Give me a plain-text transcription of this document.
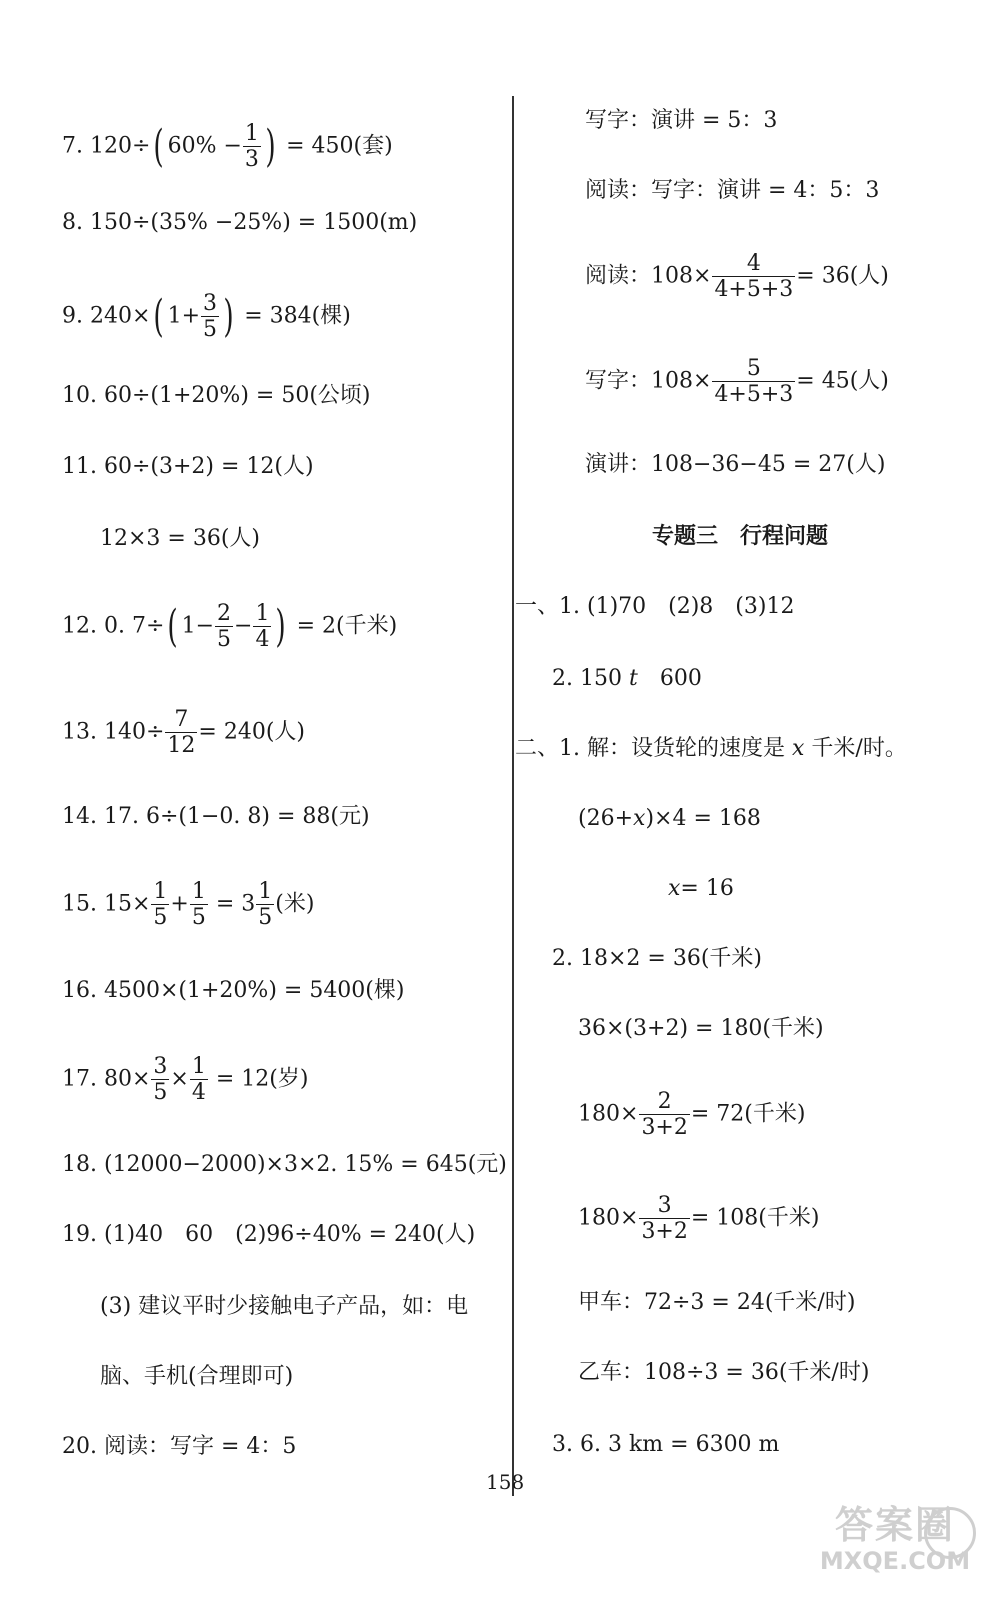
7. 120÷( $60\% - \frac{1}{3}$ ) = 450(套)
8. 150÷(35% −25%) = 1500(m)
9. 240×( $1+ \frac{3}{5}$ ) = 384(棵)
10. 60÷(1+20%) = 50(公顷)
11. 60÷(3+2) = 12(人)
12×3 = 36(人)
12. 0. 7÷( $1- \frac{2}{5} - \frac{1}{4}$ ) = 2(千米)
13. $140\div \frac{7}{12} = 240$(人)
14. 17. 6÷(1−0. 8) = 88(元)
15. $15\times \frac{1}{5} + \frac{1}{5} = 3 \frac{1}{5}$ (米)
16. 4500×(1+20%) = 5400(棵)
17. $80\times \frac{3}{5} \times \frac{1}{4} = 12$(岁)
18. (12000−2000)×3×2. 15% = 645(元)
19. (1)40　60　(2)96÷40% = 240(人)
(3) 建议平时少接触电子产品，如：电
脑、手机(合理即可)
20. 阅读：写字 = 4：5
写字：演讲 = 5：3
阅读：写字：演讲 = 4：5：3
阅读：$108\times \frac{4}{4+5+3} = 36$(人)
写字：$108\times \frac{5}{4+5+3} = 45$(人)
演讲：108−36−45 = 27(人)
专题三　行程问题
一、1. (1)70　(2)8　(3)12
2. 150 t　 600
二、1. 解：设货轮的速度是 x 千米/时。
(26+x)×4 = 168
x= 16
2. 18×2 = 36(千米)
36×(3+2) = 180(千米)
$180\times \frac{2}{3+2} = 72$(千米)
$180\times \frac{3}{3+2} = 108$(千米)
甲车：72÷3 = 24(千米/时)
乙车：108÷3 = 36(千米/时)
3. 6. 3 km = 6300 m
158
答案圈
MXQE.COM
